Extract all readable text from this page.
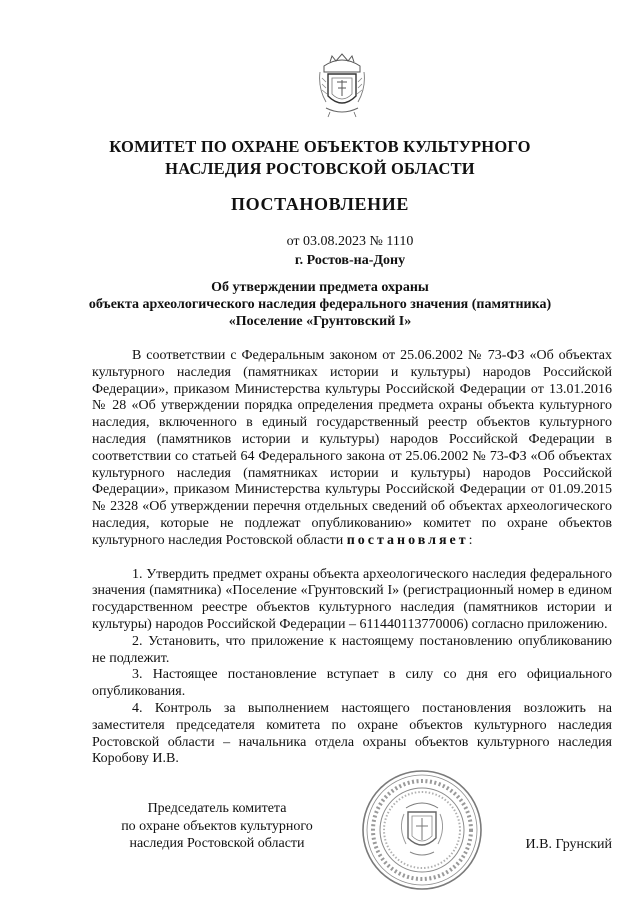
КОМИТЕТ ПО ОХРАНЕ ОБЪЕКТОВ КУЛЬТУРНОГО
НАСЛЕДИЯ РОСТОВСКОЙ ОБЛАСТИ
ПОСТАНОВЛЕНИЕ
от 03.08.2023 № 1110
г. Ростов-на-Дону
Об утверждении предмета охраны
объекта археологического наследия федерального значения (памятника)
«Поселение «Грунтовский I»

В соответствии с Федеральным законом от 25.06.2002 № 73-ФЗ «Об объектах культурного наследия (памятниках истории и культуры) народов Российской Федерации», приказом Министерства культуры Российской Федерации от 13.01.2016 № 28 «Об утверждении порядка определения предмета охраны объекта культурного наследия, включенного в единый государственный реестр объектов культурного наследия (памятников истории и культуры) народов Российской Федерации в соответствии со статьей 64 Федерального закона от 25.06.2002 № 73-ФЗ «Об объектах культурного наследия (памятниках истории и культуры) народов Российской Федерации», приказом Министерства культуры Российской Федерации от 01.09.2015 № 2328 «Об утверждении перечня отдельных сведений об объектах археологического наследия, которые не подлежат опубликованию» комитет по охране объектов культурного наследия Ростовской области постановляет:

1. Утвердить предмет охраны объекта археологического наследия федерального значения (памятника) «Поселение «Грунтовский I» (регистрационный номер в едином государственном реестре объектов культурного наследия (памятников истории и культуры) народов Российской Федерации – 611440113770006) согласно приложению.

2. Установить, что приложение к настоящему постановлению опубликованию не подлежит.

3. Настоящее постановление вступает в силу со дня его официального опубликования.

4. Контроль за выполнением настоящего постановления возложить на заместителя председателя комитета по охране объектов культурного наследия Ростовской области – начальника отдела охраны объектов культурного наследия Коробову И.В.

Председатель комитета
по охране объектов культурного
наследия Ростовской области	И.В. Грунский
